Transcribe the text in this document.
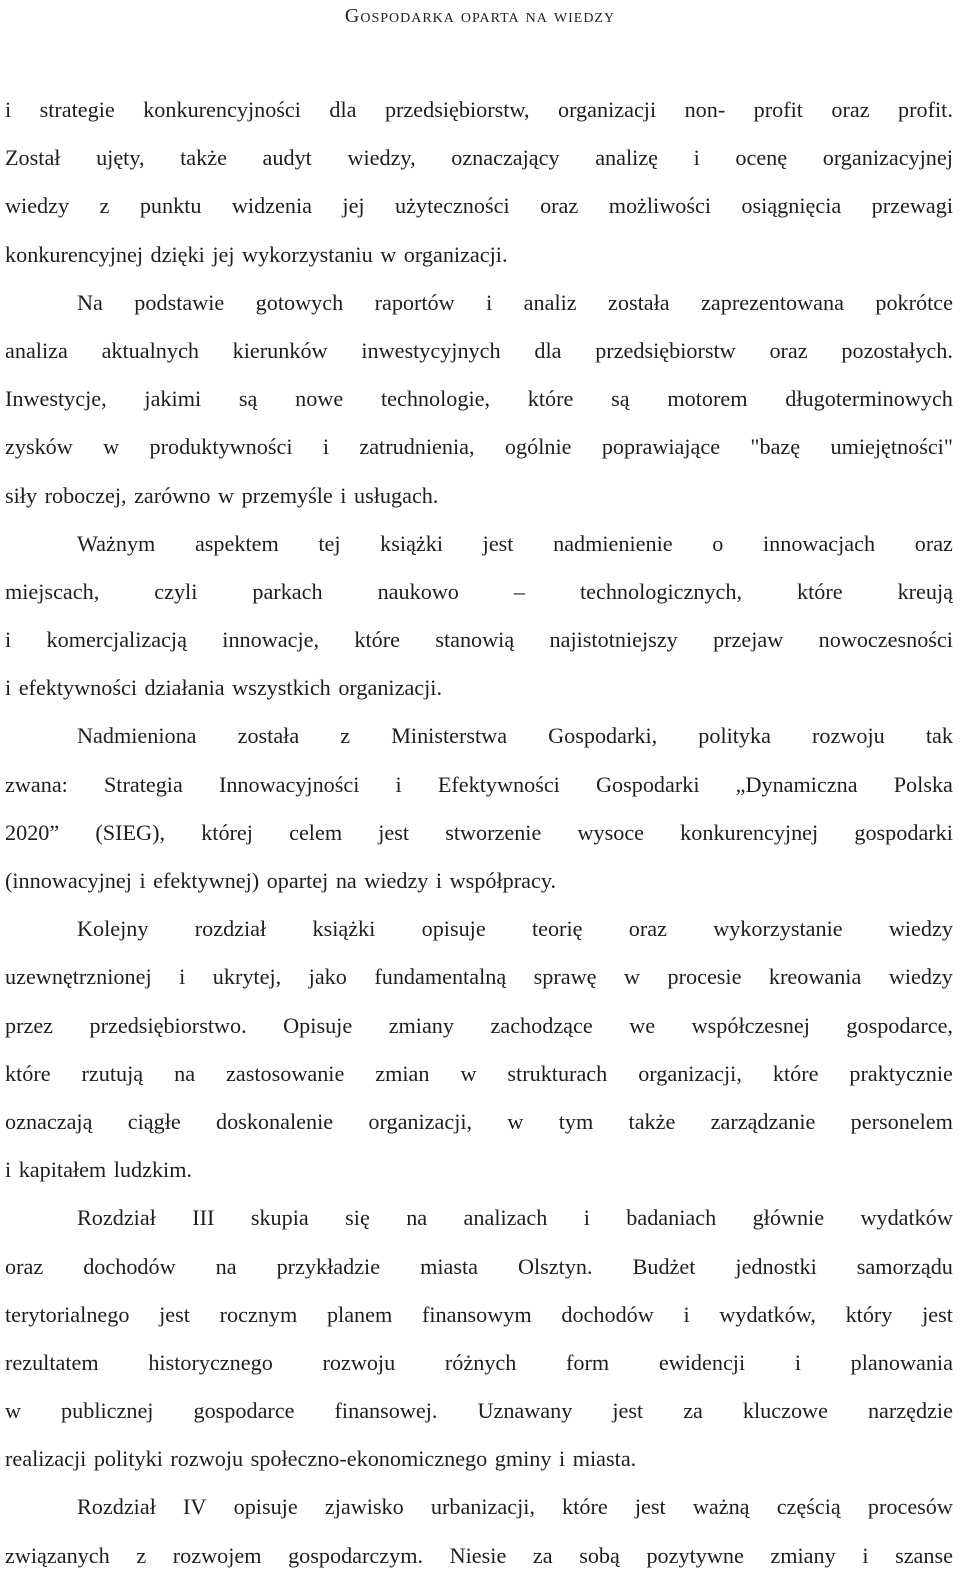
Gospodarka oparta na wiedzy
i strategie konkurencyjności dla przedsiębiorstw, organizacji non- profit oraz profit.
Został ujęty, także audyt wiedzy, oznaczający analizę i ocenę organizacyjnej
wiedzy z punktu widzenia jej użyteczności oraz możliwości osiągnięcia przewagi
konkurencyjnej dzięki jej wykorzystaniu w organizacji.
Na podstawie gotowych raportów i analiz została zaprezentowana pokrótce
analiza aktualnych kierunków inwestycyjnych dla przedsiębiorstw oraz pozostałych.
Inwestycje, jakimi są nowe technologie, które są motorem długoterminowych
zysków w produktywności i zatrudnienia, ogólnie poprawiające "bazę umiejętności"
siły roboczej, zarówno w przemyśle i usługach.
Ważnym aspektem tej książki jest nadmienienie o innowacjach oraz
miejscach, czyli parkach naukowo – technologicznych, które kreują
i komercjalizacją innowacje, które stanowią najistotniejszy przejaw nowoczesności
i efektywności działania wszystkich organizacji.
Nadmieniona została z Ministerstwa Gospodarki, polityka rozwoju tak
zwana: Strategia Innowacyjności i Efektywności Gospodarki „Dynamiczna Polska
2020” (SIEG), której celem jest stworzenie wysoce konkurencyjnej gospodarki
(innowacyjnej i efektywnej) opartej na wiedzy i współpracy.
Kolejny rozdział książki opisuje teorię oraz wykorzystanie wiedzy
uzewnętrznionej i ukrytej, jako fundamentalną sprawę w procesie kreowania wiedzy
przez przedsiębiorstwo. Opisuje zmiany zachodzące we współczesnej gospodarce,
które rzutują na zastosowanie zmian w strukturach organizacji, które praktycznie
oznaczają ciągłe doskonalenie organizacji, w tym także zarządzanie personelem
i kapitałem ludzkim.
Rozdział III skupia się na analizach i badaniach głównie wydatków
oraz dochodów na przykładzie miasta Olsztyn. Budżet jednostki samorządu
terytorialnego jest rocznym planem finansowym dochodów i wydatków, który jest
rezultatem historycznego rozwoju różnych form ewidencji i planowania
w publicznej gospodarce finansowej. Uznawany jest za kluczowe narzędzie
realizacji polityki rozwoju społeczno-ekonomicznego gminy i miasta.
Rozdział IV opisuje zjawisko urbanizacji, które jest ważną częścią procesów
związanych z rozwojem gospodarczym. Niesie za sobą pozytywne zmiany i szanse
